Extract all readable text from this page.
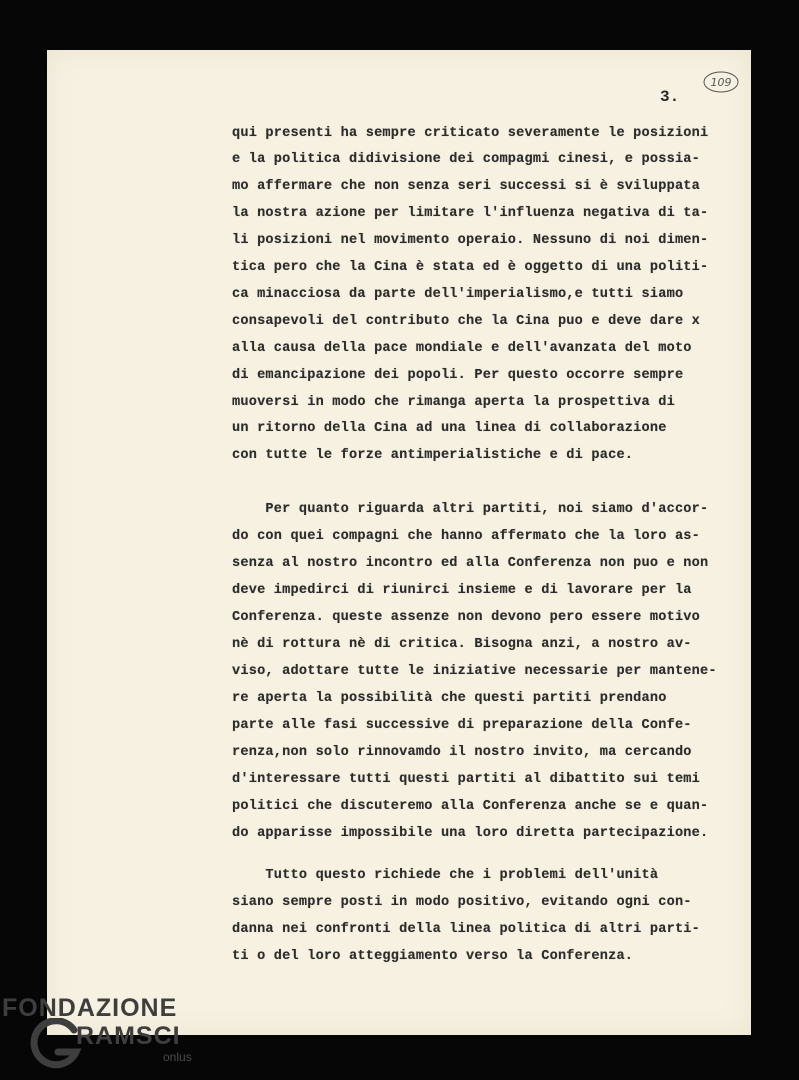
3.
109
qui presenti ha sempre criticato severamente le posizioni
e la politica didivisione dei compagmi cinesi, e possia-
mo affermare che non senza seri successi si è sviluppata
la nostra azione per limitare l'influenza negativa di ta-
li posizioni nel movimento operaio. Nessuno di noi dimen-
tica pero che la Cina è stata ed è oggetto di una politi-
ca minacciosa da parte dell'imperialismo,e tutti siamo
consapevoli del contributo che la Cina puo e deve dare x
alla causa della pace mondiale e dell'avanzata del moto
di emancipazione dei popoli. Per questo occorre sempre
muoversi in modo che rimanga aperta la prospettiva di
un ritorno della Cina ad una linea di collaborazione
con tutte le forze antimperialistiche e di pace.
Per quanto riguarda altri partiti, noi siamo d'accor-
do con quei compagni che hanno affermato che la loro as-
senza al nostro incontro ed alla Conferenza non puo e non
deve impedirci di riunirci insieme e di lavorare per la
Conferenza. queste assenze non devono pero essere motivo
nè di rottura nè di critica. Bisogna anzi, a nostro av-
viso, adottare tutte le iniziative necessarie per mantene-
re aperta la possibilità che questi partiti prendano
parte alle fasi successive di preparazione della Confe-
renza,non solo rinnovamdo il nostro invito, ma cercando
d'interessare tutti questi partiti al dibattito sui temi
politici che discuteremo alla Conferenza anche se e quan-
do apparisse impossibile una loro diretta partecipazione.
Tutto questo richiede che i problemi dell'unità
siano sempre posti in modo positivo, evitando ogni con-
danna nei confronti della linea politica di altri parti-
ti o del loro atteggiamento verso la Conferenza.
FONDAZIONE
RAMSCI
onlus
